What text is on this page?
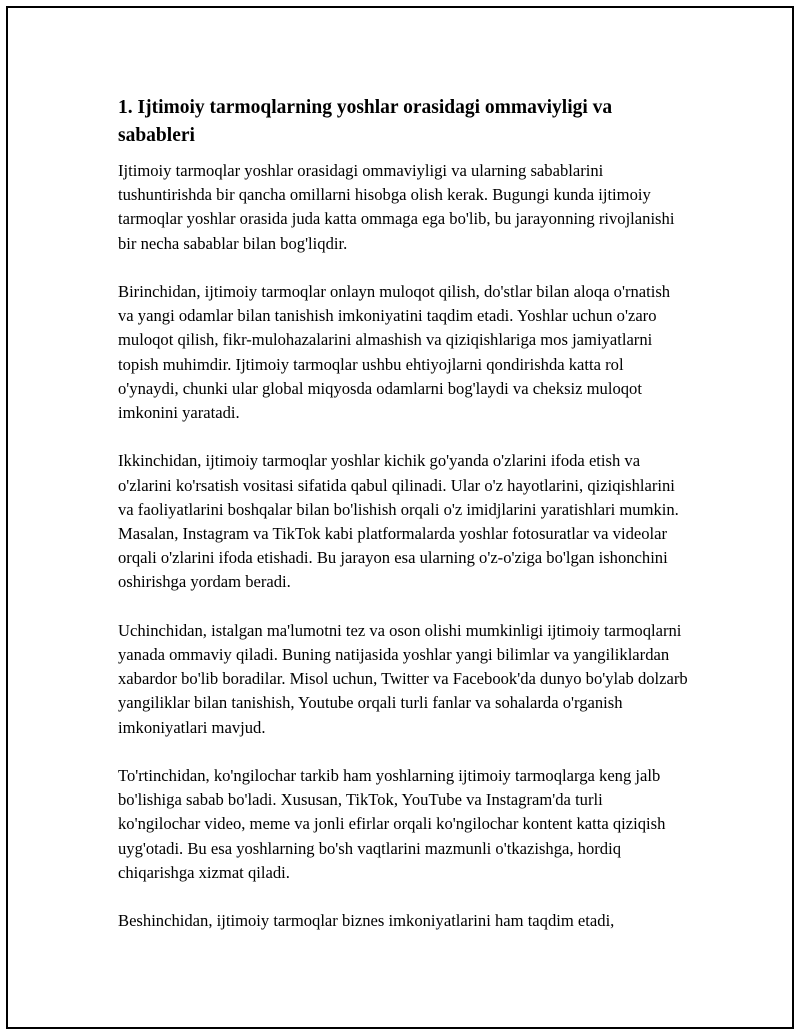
1. Ijtimoiy tarmoqlarning yoshlar orasidagi ommaviyligi va sabableri

Ijtimoiy tarmoqlar yoshlar orasidagi ommaviyligi va ularning sabablarini tushuntirishda bir qancha omillarni hisobga olish kerak. Bugungi kunda ijtimoiy tarmoqlar yoshlar orasida juda katta ommaga ega bo'lib, bu jarayonning rivojlanishi bir necha sabablar bilan bog'liqdir.

Birinchidan, ijtimoiy tarmoqlar onlayn muloqot qilish, do'stlar bilan aloqa o'rnatish va yangi odamlar bilan tanishish imkoniyatini taqdim etadi. Yoshlar uchun o'zaro muloqot qilish, fikr-mulohazalarini almashish va qiziqishlariga mos jamiyatlarni topish muhimdir. Ijtimoiy tarmoqlar ushbu ehtiyojlarni qondirishda katta rol o'ynaydi, chunki ular global miqyosda odamlarni bog'laydi va cheksiz muloqot imkonini yaratadi.

Ikkinchidan, ijtimoiy tarmoqlar yoshlar kichik go'yanda o'zlarini ifoda etish va o'zlarini ko'rsatish vositasi sifatida qabul qilinadi. Ular o'z hayotlarini, qiziqishlarini va faoliyatlarini boshqalar bilan bo'lishish orqali o'z imidjlarini yaratishlari mumkin. Masalan, Instagram va TikTok kabi platformalarda yoshlar fotosuratlar va videolar orqali o'zlarini ifoda etishadi. Bu jarayon esa ularning o'z-o'ziga bo'lgan ishonchini oshirishga yordam beradi.

Uchinchidan, istalgan ma'lumotni tez va oson olishi mumkinligi ijtimoiy tarmoqlarni yanada ommaviy qiladi. Buning natijasida yoshlar yangi bilimlar va yangiliklardan xabardor bo'lib boradilar. Misol uchun, Twitter va Facebook'da dunyo bo'ylab dolzarb yangiliklar bilan tanishish, Youtube orqali turli fanlar va sohalarda o'rganish imkoniyatlari mavjud.

To'rtinchidan, ko'ngilochar tarkib ham yoshlarning ijtimoiy tarmoqlarga keng jalb bo'lishiga sabab bo'ladi. Xususan, TikTok, YouTube va Instagram'da turli ko'ngilochar video, meme va jonli efirlar orqali ko'ngilochar kontent katta qiziqish uyg'otadi. Bu esa yoshlarning bo'sh vaqtlarini mazmunli o'tkazishga, hordiq chiqarishga xizmat qiladi.

Beshinchidan, ijtimoiy tarmoqlar biznes imkoniyatlarini ham taqdim etadi,
